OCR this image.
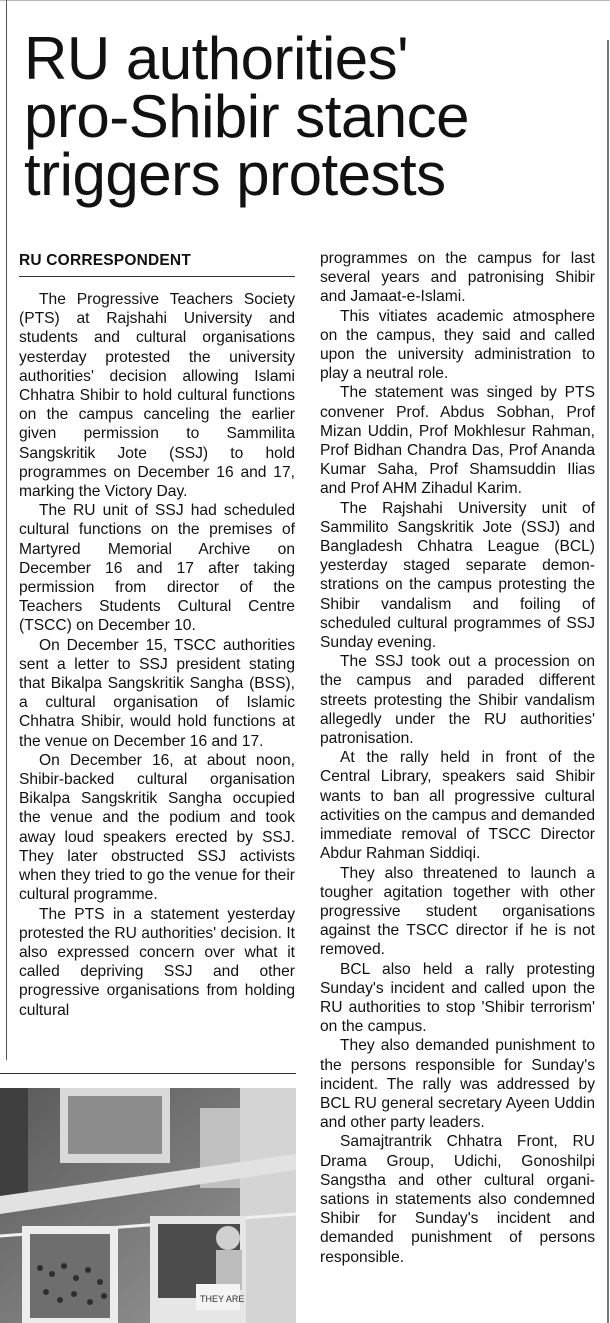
RU authorities'
pro-Shibir stance
triggers protests
RU CORRESPONDENT

The Progressive Teachers Society (PTS) at Rajshahi University and students and cultural organisations yesterday protested the university authorities' decision allowing Islami Chhatra Shibir to hold cultural functions on the campus canceling the earlier given permission to Sammilita Sangskritik Jote (SSJ) to hold programmes on December 16 and 17, marking the Victory Day.

The RU unit of SSJ had scheduled cultural functions on the premises of Martyred Memorial Archive on December 16 and 17 after taking permission from director of the Teachers Students Cultural Centre (TSCC) on December 10.

On December 15, TSCC authorities sent a letter to SSJ president stating that Bikalpa Sangskritik Sangha (BSS), a cultural organisation of Islamic Chhatra Shibir, would hold functions at the venue on December 16 and 17.

On December 16, at about noon, Shibir-backed cultural organisation Bikalpa Sangskritik Sangha occupied the venue and the podium and took away loud speakers erected by SSJ. They later obstructed SSJ activists when they tried to go the venue for their cultural programme.

The PTS in a statement yesterday protested the RU authorities' decision. It also expressed concern over what it called depriving SSJ and other progressive organisations from holding cultural

programmes on the campus for last several years and patronising Shibir and Jamaat-e-Islami.

This vitiates academic atmosphere on the campus, they said and called upon the university administration to play a neutral role.

The statement was singed by PTS convener Prof. Abdus Sobhan, Prof Mizan Uddin, Prof Mokhlesur Rahman, Prof Bidhan Chandra Das, Prof Ananda Kumar Saha, Prof Shamsuddin Ilias and Prof AHM Zihadul Karim.

The Rajshahi University unit of Sammilito Sangskritik Jote (SSJ) and Bangladesh Chhatra League (BCL) yesterday staged separate demonstrations on the campus protesting the Shibir vandalism and foiling of scheduled cultural programmes of SSJ Sunday evening.

The SSJ took out a procession on the campus and paraded different streets protesting the Shibir vandalism allegedly under the RU authorities' patronisation.

At the rally held in front of the Central Library, speakers said Shibir wants to ban all progressive cultural activities on the campus and demanded immediate removal of TSCC Director Abdur Rahman Siddiqi.

They also threatened to launch a tougher agitation together with other progressive student organisations against the TSCC director if he is not removed.

BCL also held a rally protesting Sunday's incident and called upon the RU authorities to stop 'Shibir terrorism' on the campus.

They also demanded punishment to the persons responsible for Sunday's incident. The rally was addressed by BCL RU general secretary Ayeen Uddin and other party leaders.

Samajtrantrik Chhatra Front, RU Drama Group, Udichi, Gonoshilpi Sangstha and other cultural organisations in statements also condemned Shibir for Sunday's incident and demanded punishment of persons responsible.

THEY ARE
